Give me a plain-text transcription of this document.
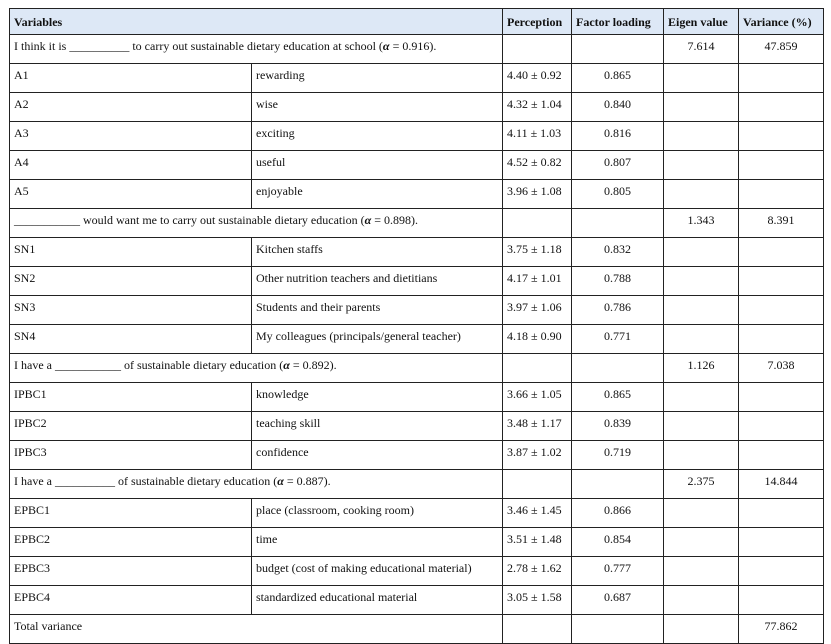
Variables		Perception	Factor loading	Eigen value	Variance (%)
I think it is __________ to carry out sustainable dietary education at school (α = 0.916).				7.614	47.859
A1	rewarding	4.40 ± 0.92	0.865		
A2	wise	4.32 ± 1.04	0.840		
A3	exciting	4.11 ± 1.03	0.816		
A4	useful	4.52 ± 0.82	0.807		
A5	enjoyable	3.96 ± 1.08	0.805		
___________ would want me to carry out sustainable dietary education (α = 0.898).				1.343	8.391
SN1	Kitchen staffs	3.75 ± 1.18	0.832		
SN2	Other nutrition teachers and dietitians	4.17 ± 1.01	0.788		
SN3	Students and their parents	3.97 ± 1.06	0.786		
SN4	My colleagues (principals/general teacher)	4.18 ± 0.90	0.771		
I have a ___________ of sustainable dietary education (α = 0.892).				1.126	7.038
IPBC1	knowledge	3.66 ± 1.05	0.865		
IPBC2	teaching skill	3.48 ± 1.17	0.839		
IPBC3	confidence	3.87 ± 1.02	0.719		
I have a __________ of sustainable dietary education (α = 0.887).				2.375	14.844
EPBC1	place (classroom, cooking room)	3.46 ± 1.45	0.866		
EPBC2	time	3.51 ± 1.48	0.854		
EPBC3	budget (cost of making educational material)	2.78 ± 1.62	0.777		
EPBC4	standardized educational material	3.05 ± 1.58	0.687		
Total variance					77.862
